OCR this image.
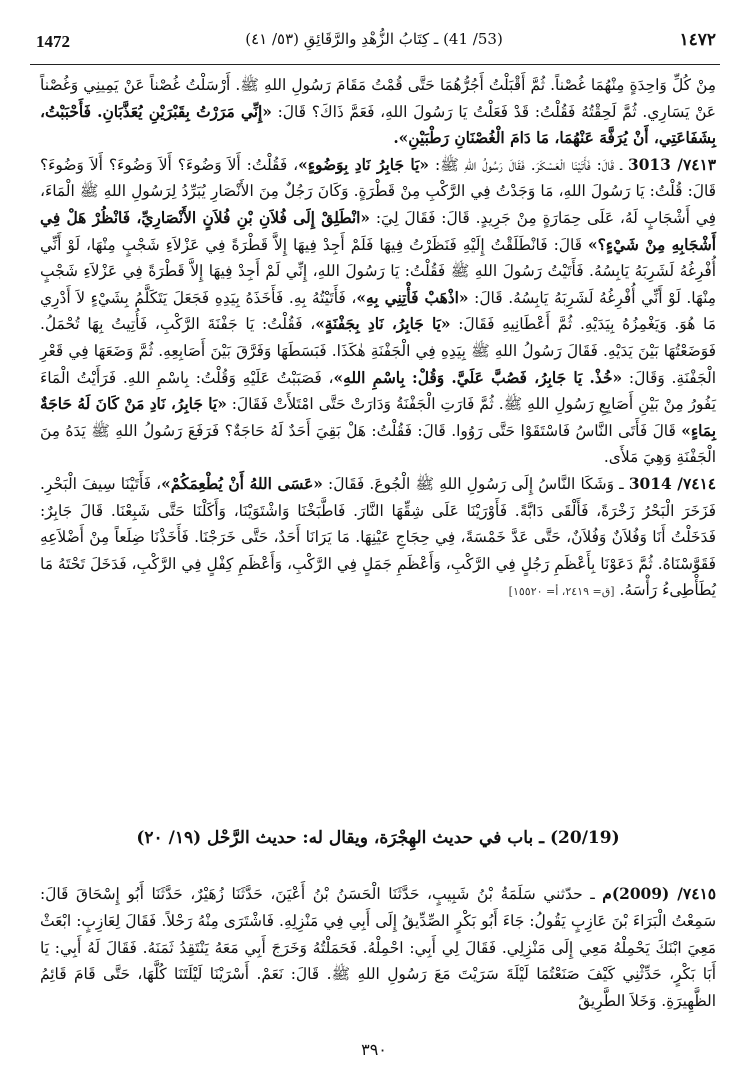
1472	(53/ 41) ـ كِتَابُ الزُّهْدِ والرَّقَائِقِ (٥٣/ ٤١)	١٤٧٢

مِنْ كُلِّ وَاحِدَةٍ مِنْهُمَا غُصْناً. ثُمَّ أَقْبَلْتُ أَجُرُّهُمَا حَتَّى قُمْتُ مَقَامَ رَسُولِ اللهِ ﷺ. أَرْسَلْتُ غُصْناً عَنْ يَمِينِي وَغُصْناً عَنْ يَسَارِي. ثُمَّ لَحِقْتُهُ فَقُلْتُ: قَدْ فَعَلْتُ يَا رَسُولَ اللهِ، فَعَمَّ ذَاكَ؟ قَالَ: «إِنِّي مَرَرْتُ بِقَبْرَيْنِ يُعَذَّبَانِ. فَأَحْبَبْتُ، بِشَفَاعَتِي، أَنْ يُرَفَّهَ عَنْهُمَا، مَا دَامَ الْغُصْنَانِ رَطْبَيْنِ».

٧٤١٣/ 3013 ـ قَالَ: فَأَتَيْنَا الْعَسْكَرَ. فَقَالَ رَسُولُ اللهِ ﷺ: «يَا جَابِرُ نَادِ بِوَضُوءٍ»، فَقُلْتُ: أَلاَ وَضُوءَ؟ أَلاَ وَضُوءَ؟ أَلاَ وَضُوءَ؟ قَالَ: قُلْتُ: يَا رَسُولَ اللهِ، مَا وَجَدْتُ فِي الرَّكْبِ مِنْ قَطْرَةٍ. وَكَانَ رَجُلٌ مِنَ الأَنْصَارِ يُبَرِّدُ لِرَسُولِ اللهِ ﷺ الْمَاءَ، فِي أَشْجَابٍ لَهُ، عَلَى حِمَارَةٍ مِنْ جَرِيدٍ. قَالَ: فَقَالَ لِيَ: «انْطَلِقْ إِلَى فُلاَنِ بْنِ فُلاَنٍ الأَنْصَارِيِّ، فَانْظُرْ هَلْ فِي أَشْجَابِهِ مِنْ شَيْءٍ؟» قَالَ: فَانْطَلَقْتُ إِلَيْهِ فَنَظَرْتُ فِيهَا فَلَمْ أَجِدْ فِيهَا إِلاَّ قَطْرَةً فِي عَزْلاَءِ شَجْبٍ مِنْهَا، لَوْ أَنِّي أُفْرِغُهُ لَشَرِبَهُ يَابِسُهُ. فَأَتَيْتُ رَسُولَ اللهِ ﷺ فَقُلْتُ: يَا رَسُولَ اللهِ، إِنِّي لَمْ أَجِدْ فِيهَا إِلاَّ قَطْرَةً فِي عَزْلاَءِ شَجْبٍ مِنْهَا. لَوْ أَنِّي أُفْرِغُهُ لَشَرِبَهُ يَابِسُهُ. قَالَ: «اذْهَبْ فَأْتِنِي بِهِ»، فَأَتَيْتُهُ بِهِ. فَأَخَذَهُ بِيَدِهِ فَجَعَلَ يَتَكَلَّمُ بِشَيْءٍ لاَ أَدْرِي مَا هُوَ. وَيَغْمِزُهُ بِيَدَيْهِ. ثُمَّ أَعْطَانِيهِ فَقَالَ: «يَا جَابِرُ، نَادِ بِجَفْنَةٍ»، فَقُلْتُ: يَا جَفْنَةَ الرَّكْبِ، فَأُتِيتُ بِهَا تُحْمَلُ. فَوَضَعْتُهَا بَيْنَ يَدَيْهِ. فَقَالَ رَسُولُ اللهِ ﷺ بِيَدِهِ فِي الْجَفْنَةِ هٰكَذَا. فَبَسَطَهَا وَفَرَّقَ بَيْنَ أَصَابِعِهِ. ثُمَّ وَضَعَهَا فِي قَعْرِ الْجَفْنَةِ. وَقَالَ: «خُذْ. يَا جَابِرُ، فَصُبَّ عَلَيَّ. وَقُلْ: بِاسْمِ اللهِ»، فَصَبَبْتُ عَلَيْهِ وَقُلْتُ: بِاسْمِ اللهِ. فَرَأَيْتُ الْمَاءَ يَفُورُ مِنْ بَيْنِ أَصَابِعِ رَسُولِ اللهِ ﷺ. ثُمَّ فَارَتِ الْجَفْنَةُ وَدَارَتْ حَتَّى امْتَلأَتْ فَقَالَ: «يَا جَابِرُ، نَادِ مَنْ كَانَ لَهُ حَاجَةٌ بِمَاءٍ» قَالَ فَأَتَى النَّاسُ فَاسْتَقَوْا حَتَّى رَوُوا. قَالَ: فَقُلْتُ: هَلْ بَقِيَ أَحَدٌ لَهُ حَاجَةٌ؟ فَرَفَعَ رَسُولُ اللهِ ﷺ يَدَهُ مِنَ الْجَفْنَةِ وَهِيَ مَلأَى.

٧٤١٤/ 3014 ـ وَشَكَا النَّاسُ إِلَى رَسُولِ اللهِ ﷺ الْجُوعَ. فَقَالَ: «عَسَى اللهُ أَنْ يُطْعِمَكُمْ»، فَأَتَيْنَا سِيفَ الْبَحْرِ. فَزَخَرَ الْبَحْرُ زَخْرَةً، فَأَلْقَى دَابَّةً. فَأَوْرَيْنَا عَلَى شِقِّهَا النَّارَ. فَاطَّبَخْنَا وَاشْتَوَيْنَا، وَأَكَلْنَا حَتَّى شَبِعْنَا. قَالَ جَابِرٌ: فَدَخَلْتُ أَنَا وَفُلاَنٌ وَفُلاَنٌ، حَتَّى عَدَّ خَمْسَةً، فِي حِجَاجِ عَيْنِهَا. مَا يَرَانَا أَحَدٌ، حَتَّى خَرَجْنَا. فَأَخَذْنَا ضِلَعاً مِنْ أَضْلاَعِهِ فَقَوَّسْنَاهُ. ثُمَّ دَعَوْنَا بِأَعْظَمِ رَجُلٍ فِي الرَّكْبِ، وَأَعْظَمِ جَمَلٍ فِي الرَّكْبِ، وَأَعْظَمِ كِفْلٍ فِي الرَّكْبِ، فَدَخَلَ تَحْتَهُ مَا يُطَأْطِىءُ رَأْسَهُ. [ق= ٢٤١٩، أ= ١٥٥٢٠]

(20/19) ـ باب في حديث الهِجْرَة، ويقال له: حديث الرَّحْل (١٩/ ٢٠)

٧٤١٥/ (2009)م ـ حدّثني سَلَمَةُ بْنُ شَبِيبٍ، حَدَّثَنَا الْحَسَنُ بْنُ أَعْيَنَ، حَدَّثَنَا زُهَيْرٌ، حَدَّثَنَا أَبُو إِسْحَاقَ قَالَ: سَمِعْتُ الْبَرَاءَ بْنَ عَازِبٍ يَقُولُ: جَاءَ أَبُو بَكْرٍ الصِّدِّيقُ إِلَى أَبِي فِي مَنْزِلِهِ. فَاشْتَرَى مِنْهُ رَحْلاً. فَقَالَ لِعَازِبٍ: ابْعَثْ مَعِيَ ابْنَكَ يَحْمِلْهُ مَعِي إِلَى مَنْزِلِي. فَقَالَ لِي أَبِي: احْمِلْهُ. فَحَمَلْتُهُ وَخَرَجَ أَبِي مَعَهُ يَنْتَقِدُ ثَمَنَهُ. فَقَالَ لَهُ أَبِي: يَا أَبَا بَكْرٍ، حَدِّثْنِي كَيْفَ صَنَعْتُمَا لَيْلَةَ سَرَيْتَ مَعَ رَسُولِ اللهِ ﷺ. قَالَ: نَعَمْ. أَسْرَيْنَا لَيْلَتَنَا كُلَّهَا، حَتَّى قَامَ قَائِمُ الظَّهِيرَةِ. وَخَلاَ الطَّرِيقُ

٣٩٠
